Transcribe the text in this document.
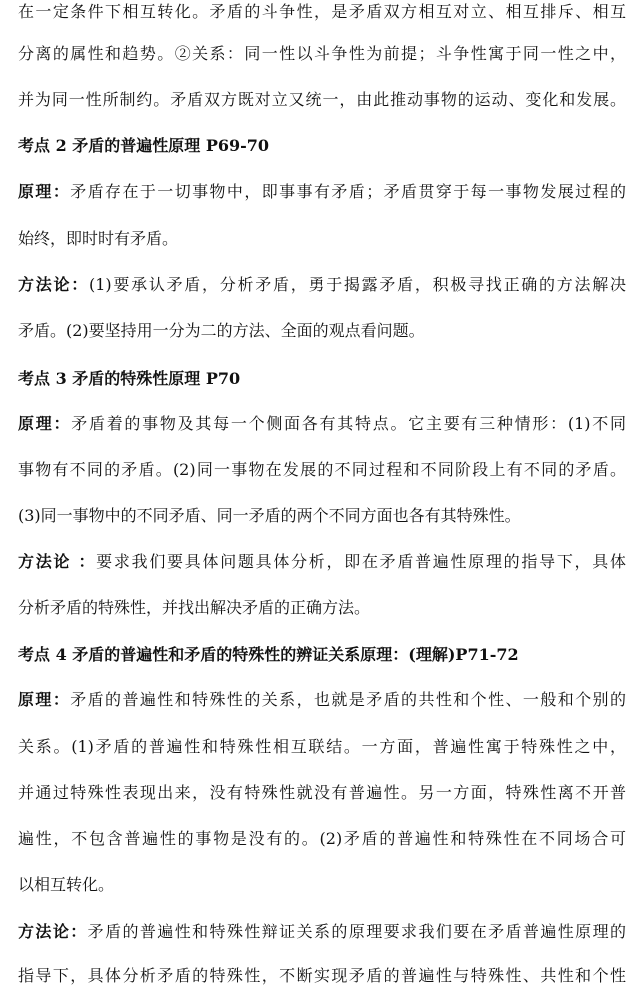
在一定条件下相互转化。矛盾的斗争性，是矛盾双方相互对立、相互排斥、相互
分离的属性和趋势。②关系：同一性以斗争性为前提；斗争性寓于同一性之中，
并为同一性所制约。矛盾双方既对立又统一，由此推动事物的运动、变化和发展。
考点 2 矛盾的普遍性原理 P69-70
原理：矛盾存在于一切事物中，即事事有矛盾；矛盾贯穿于每一事物发展过程的
始终，即时时有矛盾。
方法论：(1)要承认矛盾，分析矛盾，勇于揭露矛盾，积极寻找正确的方法解决
矛盾。(2)要坚持用一分为二的方法、全面的观点看问题。
考点 3 矛盾的特殊性原理 P70
原理：矛盾着的事物及其每一个侧面各有其特点。它主要有三种情形：(1)不同
事物有不同的矛盾。(2)同一事物在发展的不同过程和不同阶段上有不同的矛盾。
(3)同一事物中的不同矛盾、同一矛盾的两个不同方面也各有其特殊性。
方法论 ：要求我们要具体问题具体分析，即在矛盾普遍性原理的指导下，具体
分析矛盾的特殊性，并找出解决矛盾的正确方法。
考点 4 矛盾的普遍性和矛盾的特殊性的辨证关系原理：(理解)P71-72
原理：矛盾的普遍性和特殊性的关系，也就是矛盾的共性和个性、一般和个别的
关系。(1)矛盾的普遍性和特殊性相互联结。一方面，普遍性寓于特殊性之中，
并通过特殊性表现出来，没有特殊性就没有普遍性。另一方面，特殊性离不开普
遍性，不包含普遍性的事物是没有的。(2)矛盾的普遍性和特殊性在不同场合可
以相互转化。
方法论：矛盾的普遍性和特殊性辩证关系的原理要求我们要在矛盾普遍性原理的
指导下，具体分析矛盾的特殊性，不断实现矛盾的普遍性与特殊性、共性和个性
